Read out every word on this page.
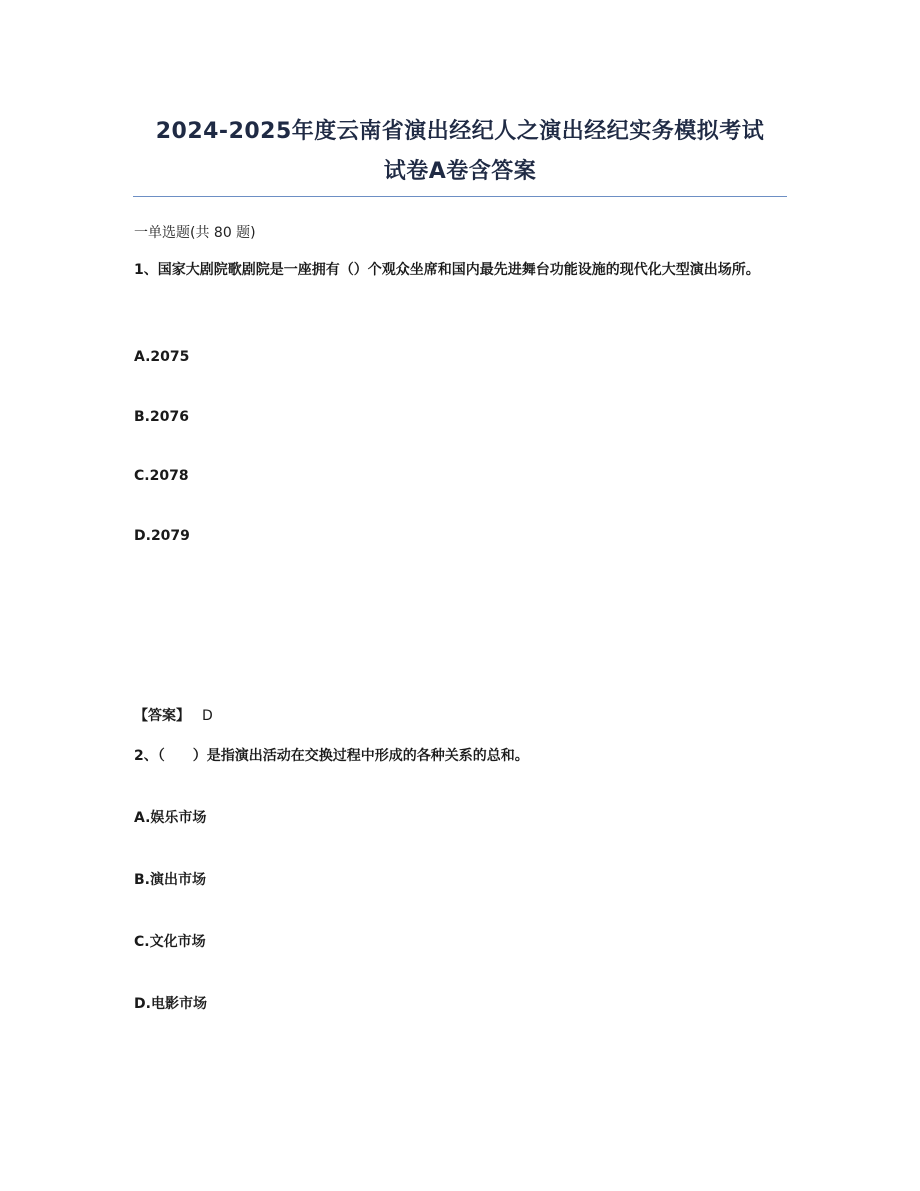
2024-2025年度云南省演出经纪人之演出经纪实务模拟考试
试卷A卷含答案
一单选题(共 80 题)
1、国家大剧院歌剧院是一座拥有（）个观众坐席和国内最先进舞台功能设施的现代化大型演出场所。
A.2075
B.2076
C.2078
D.2079
【答案】 D
2、（　　）是指演出活动在交换过程中形成的各种关系的总和。
A.娱乐市场
B.演出市场
C.文化市场
D.电影市场
